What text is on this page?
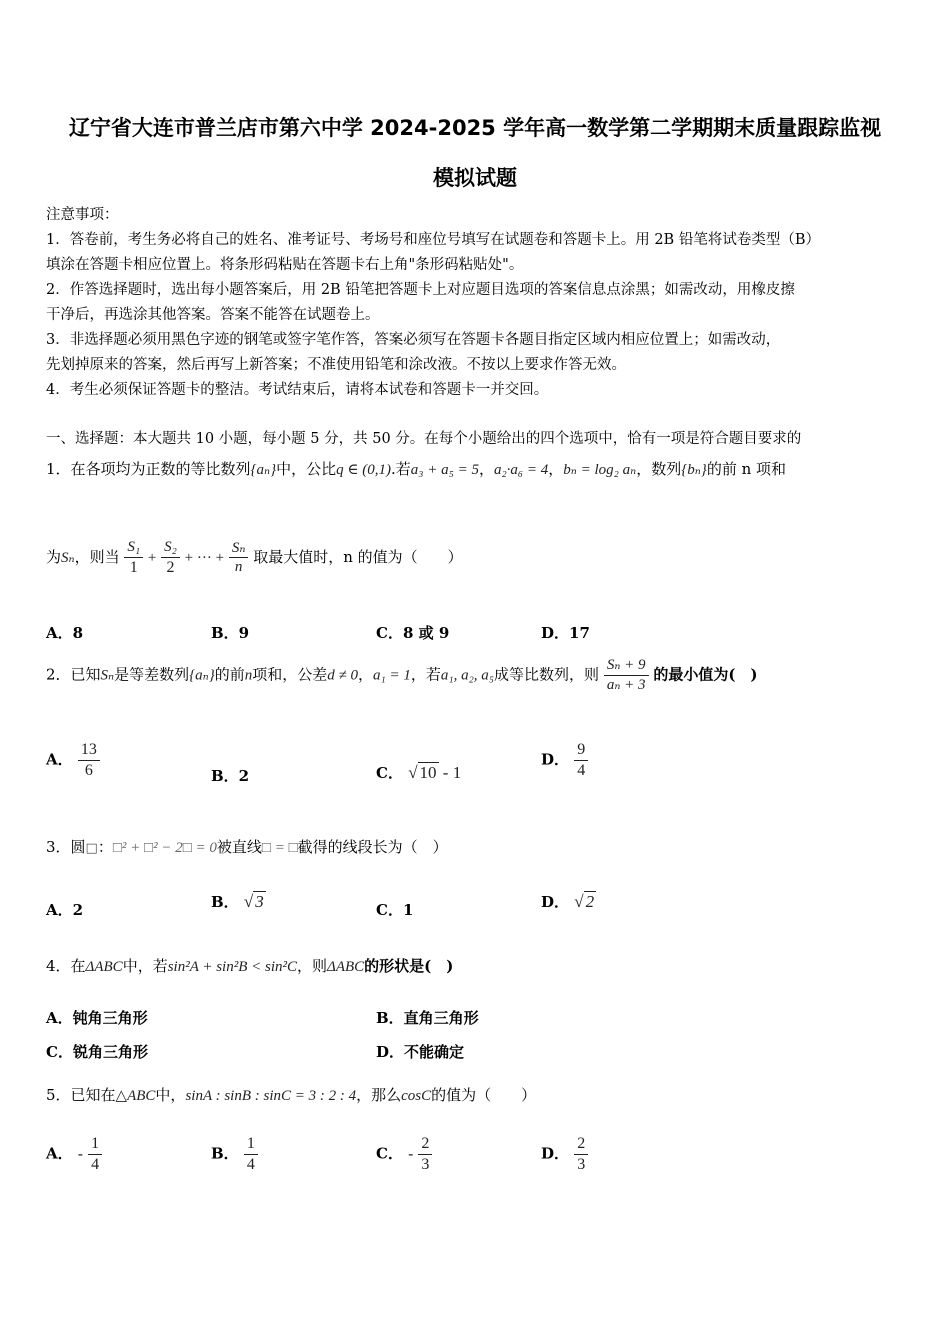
辽宁省大连市普兰店市第六中学 2024-2025 学年高一数学第二学期期末质量跟踪监视
模拟试题
注意事项：
1．答卷前，考生务必将自己的姓名、准考证号、考场号和座位号填写在试题卷和答题卡上。用 2B 铅笔将试卷类型（B）
填涂在答题卡相应位置上。将条形码粘贴在答题卡右上角"条形码粘贴处"。
2．作答选择题时，选出每小题答案后，用 2B 铅笔把答题卡上对应题目选项的答案信息点涂黑；如需改动，用橡皮擦
干净后，再选涂其他答案。答案不能答在试题卷上。
3．非选择题必须用黑色字迹的钢笔或签字笔作答，答案必须写在答题卡各题目指定区域内相应位置上；如需改动，
先划掉原来的答案，然后再写上新答案；不准使用铅笔和涂改液。不按以上要求作答无效。
4．考生必须保证答题卡的整洁。考试结束后，请将本试卷和答题卡一并交回。
一、选择题：本大题共 10 小题，每小题 5 分，共 50 分。在每个小题给出的四个选项中，恰有一项是符合题目要求的
1．在各项均为正数的等比数列{aₙ}中，公比q ∈ (0,1).若a₃ + a₅ = 5，a₂·a₆ = 4，bₙ = log₂ aₙ，数列{bₙ}的前 n 项和
为Sₙ，则当 $\frac{\text{S₁}}{1} + \frac{\text{S₂}}{2}$ + ··· + $\frac{\text{Sₙ}}{n}$ 取最大值时，n 的值为（　　）
A．8	B．9	C．8 或 9	D．17
2．已知Sₙ是等差数列{aₙ}的前n项和，公差d ≠ 0，a₁ = 1，若a₁, a₂, a₅成等比数列，则 $\frac{\text{Sₙ + 9}}{\text{aₙ + 3}}$ 的最小值为(　)
A． $\frac{13}{6}$	B．2	C． √ 10 - 1
D． $\frac{9}{4}$
3．圆□：□² + □² − 2□ = 0被直线□ = □截得的线段长为（　）
A．2	B． √ 3	C．1	D． √ 2
4．在ΔABC中，若sin²A + sin²B < sin²C，则ΔABC的形状是(　)
A．钝角三角形	B．直角三角形
C．锐角三角形	D．不能确定
5．已知在△ABC中，sinA : sinB : sinC = 3 : 2 : 4，那么cosC的值为（　　）
A． - $\frac{1}{4}$	B． $\frac{1}{4}$	C． - $\frac{2}{3}$	D． $\frac{2}{3}$
